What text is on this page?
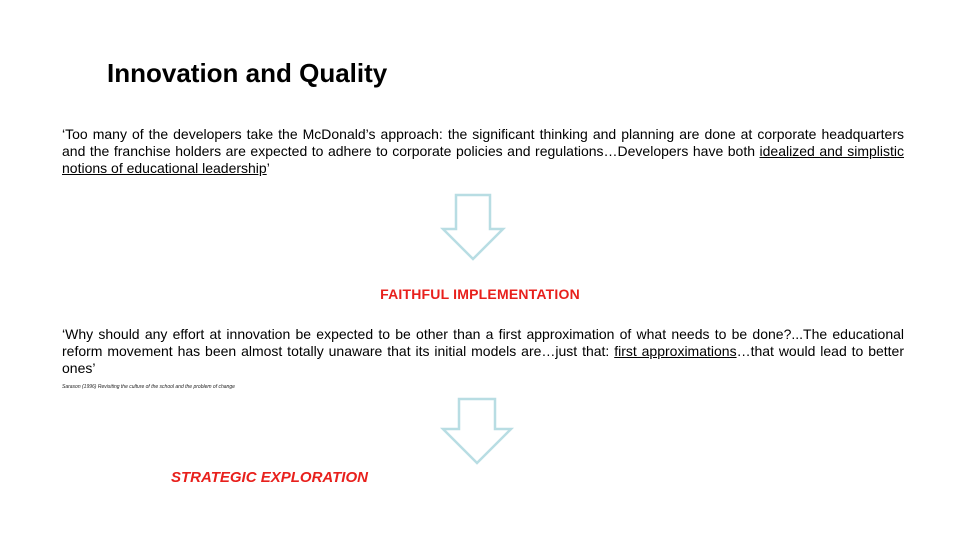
Innovation and Quality
‘Too many of the developers take the McDonald’s approach: the significant thinking and planning are done at corporate headquarters and the franchise holders are expected to adhere to corporate policies and regulations…Developers have both idealized and simplistic notions of educational leadership’
FAITHFUL IMPLEMENTATION
‘Why should any effort at innovation be expected to be other than a first approximation of what needs to be done?...The educational reform movement has been almost totally unaware that its initial models are…just that: first approximations…that would lead to better ones’
Sarason (1996) Revisiting the culture of the school and the problem of change
STRATEGIC EXPLORATION
